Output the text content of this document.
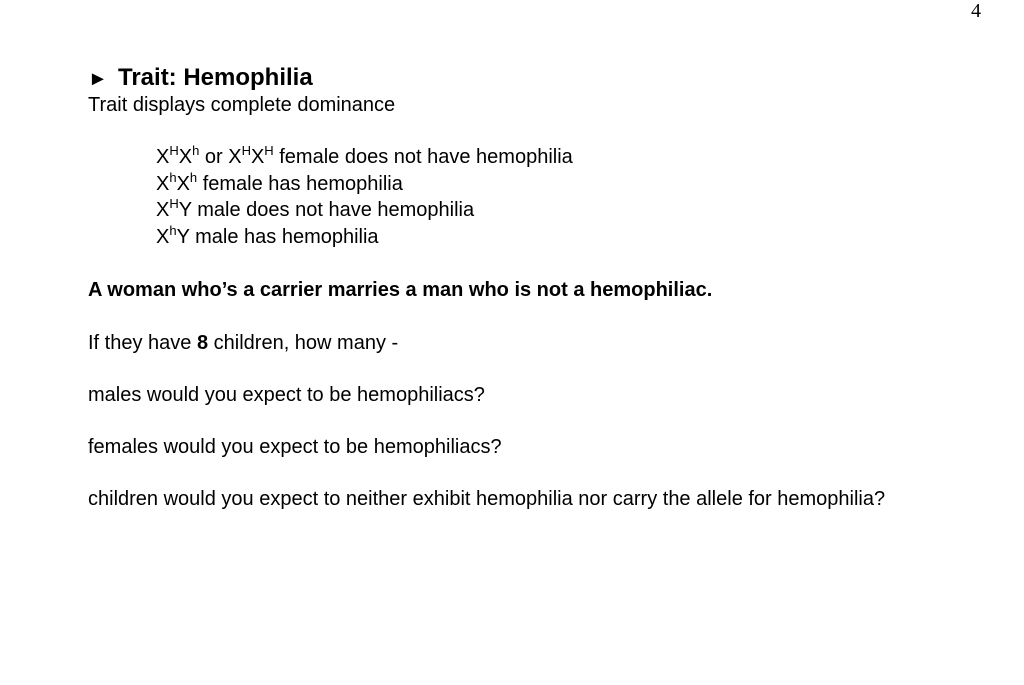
4
► Trait: Hemophilia
Trait displays complete dominance
$X^HX^h$ or $X^HX^H$ female does not have hemophilia
$X^hX^h$ female has hemophilia
$X^HY$ male does not have hemophilia
$X^hY$ male has hemophilia
A woman who’s a carrier marries a man who is not a hemophiliac.
If they have 8 children, how many -
males would you expect to be hemophiliacs?
females would you expect to be hemophiliacs?
children would you expect to neither exhibit hemophilia nor carry the allele for hemophilia?
